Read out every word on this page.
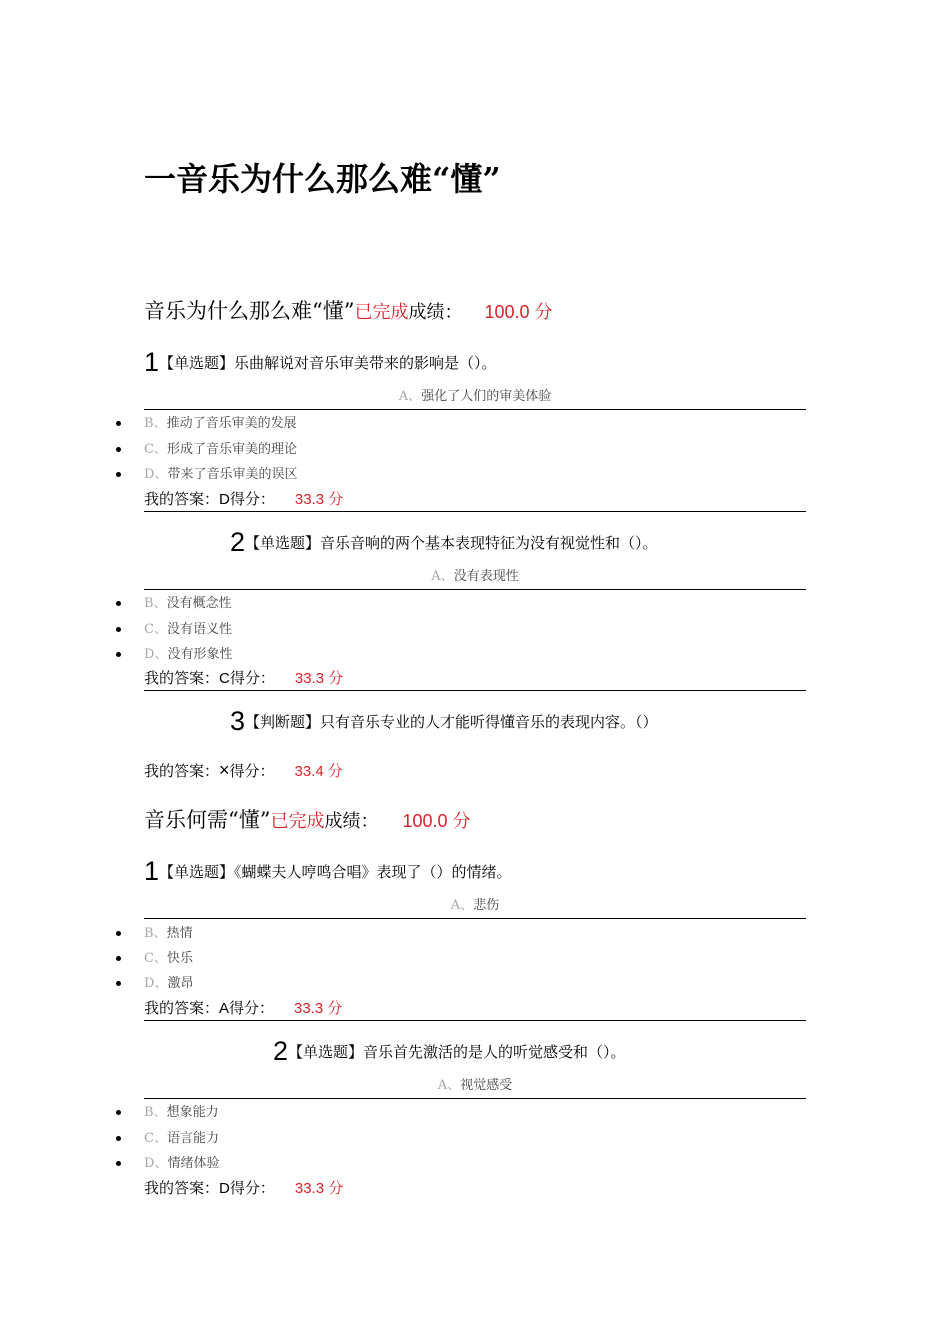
一音乐为什么那么难“懂”
音乐为什么那么难“懂”已完成成绩： 100.0 分
1【单选题】乐曲解说对音乐审美带来的影响是（）。
A、强化了人们的审美体验
B、推动了音乐审美的发展
C、形成了音乐审美的理论
D、带来了音乐审美的误区
我的答案：D得分： 33.3 分
2【单选题】音乐音响的两个基本表现特征为没有视觉性和（）。
A、没有表现性
B、没有概念性
C、没有语义性
D、没有形象性
我的答案：C得分： 33.3 分
3【判断题】只有音乐专业的人才能听得懂音乐的表现内容。（）
我的答案：×得分： 33.4 分
音乐何需“懂”已完成成绩： 100.0 分
1【单选题】《蝴蝶夫人哼鸣合唱》表现了（）的情绪。
A、悲伤
B、热情
C、快乐
D、激昂
我的答案：A得分： 33.3 分
2【单选题】音乐首先激活的是人的听觉感受和（）。
A、视觉感受
B、想象能力
C、语言能力
D、情绪体验
我的答案：D得分： 33.3 分
